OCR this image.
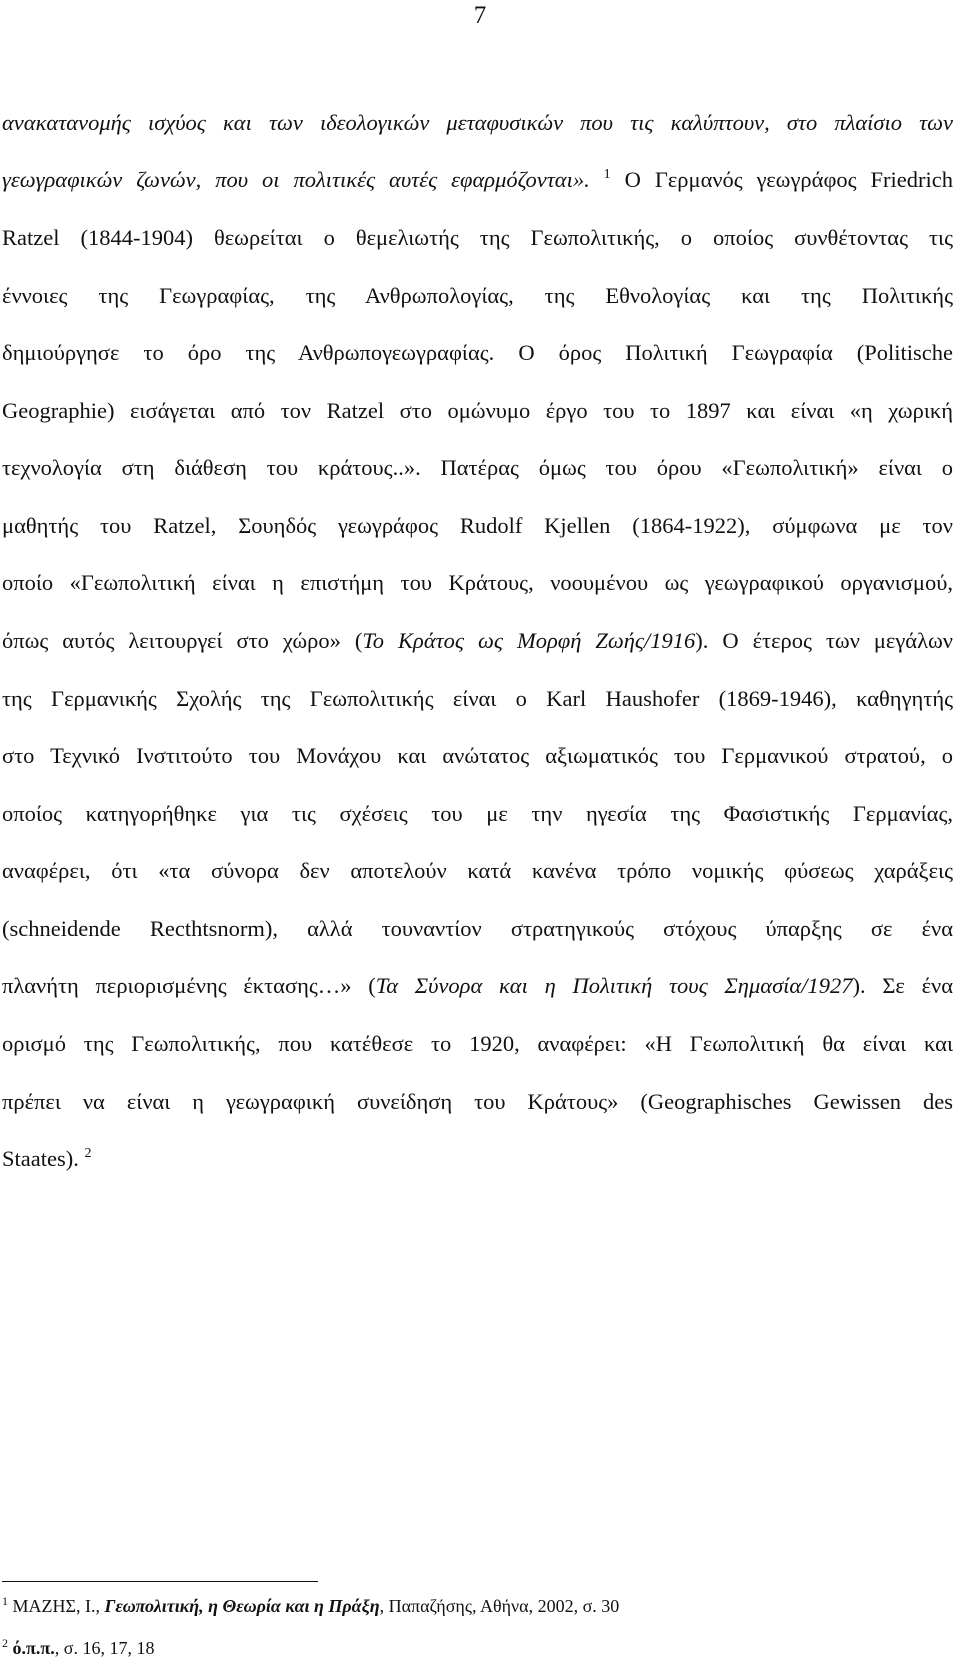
7
ανακατανομής ισχύος και των ιδεολογικών μεταφυσικών που τις καλύπτουν, στο πλαίσιο των
γεωγραφικών ζωνών, που οι πολιτικές αυτές εφαρμόζονται». $^1$ Ο Γερμανός γεωγράφος Friedrich
Ratzel (1844-1904) θεωρείται ο θεμελιωτής της Γεωπολιτικής, ο οποίος συνθέτοντας τις
έννοιες της Γεωγραφίας, της Ανθρωπολογίας, της Εθνολογίας και της Πολιτικής
δημιούργησε το όρο της Ανθρωπογεωγραφίας. Ο όρος Πολιτική Γεωγραφία (Politische
Geographie) εισάγεται από τον Ratzel στο ομώνυμο έργο του το 1897 και είναι «η χωρική
τεχνολογία στη διάθεση του κράτους..». Πατέρας όμως του όρου «Γεωπολιτική» είναι ο
μαθητής του Ratzel, Σουηδός γεωγράφος Rudolf Kjellen (1864-1922), σύμφωνα με τον
οποίο «Γεωπολιτική είναι η επιστήμη του Κράτους, νοουμένου ως γεωγραφικού οργανισμού,
όπως αυτός λειτουργεί στο χώρο» (Το Κράτος ως Μορφή Ζωής/1916). Ο έτερος των μεγάλων
της Γερμανικής Σχολής της Γεωπολιτικής είναι ο Karl Haushofer (1869-1946), καθηγητής
στο Τεχνικό Ινστιτούτο του Μονάχου και ανώτατος αξιωματικός του Γερμανικού στρατού, ο
οποίος κατηγορήθηκε για τις σχέσεις του με την ηγεσία της Φασιστικής Γερμανίας,
αναφέρει, ότι «τα σύνορα δεν αποτελούν κατά κανένα τρόπο νομικής φύσεως χαράξεις
(schneidende Recthtsnorm), αλλά τουναντίον στρατηγικούς στόχους ύπαρξης σε ένα
πλανήτη περιορισμένης έκτασης…» (Τα Σύνορα και η Πολιτική τους Σημασία/1927). Σε ένα
ορισμό της Γεωπολιτικής, που κατέθεσε το 1920, αναφέρει: «Η Γεωπολιτική θα είναι και
πρέπει να είναι η γεωγραφική συνείδηση του Κράτους» (Geographisches Gewissen des
Staates). $^2$
$^1$ ΜΑΖΗΣ, Ι., Γεωπολιτική, η Θεωρία και η Πράξη, Παπαζήσης, Αθήνα, 2002, σ. 30
$^2$ ό.π.π., σ. 16, 17, 18
